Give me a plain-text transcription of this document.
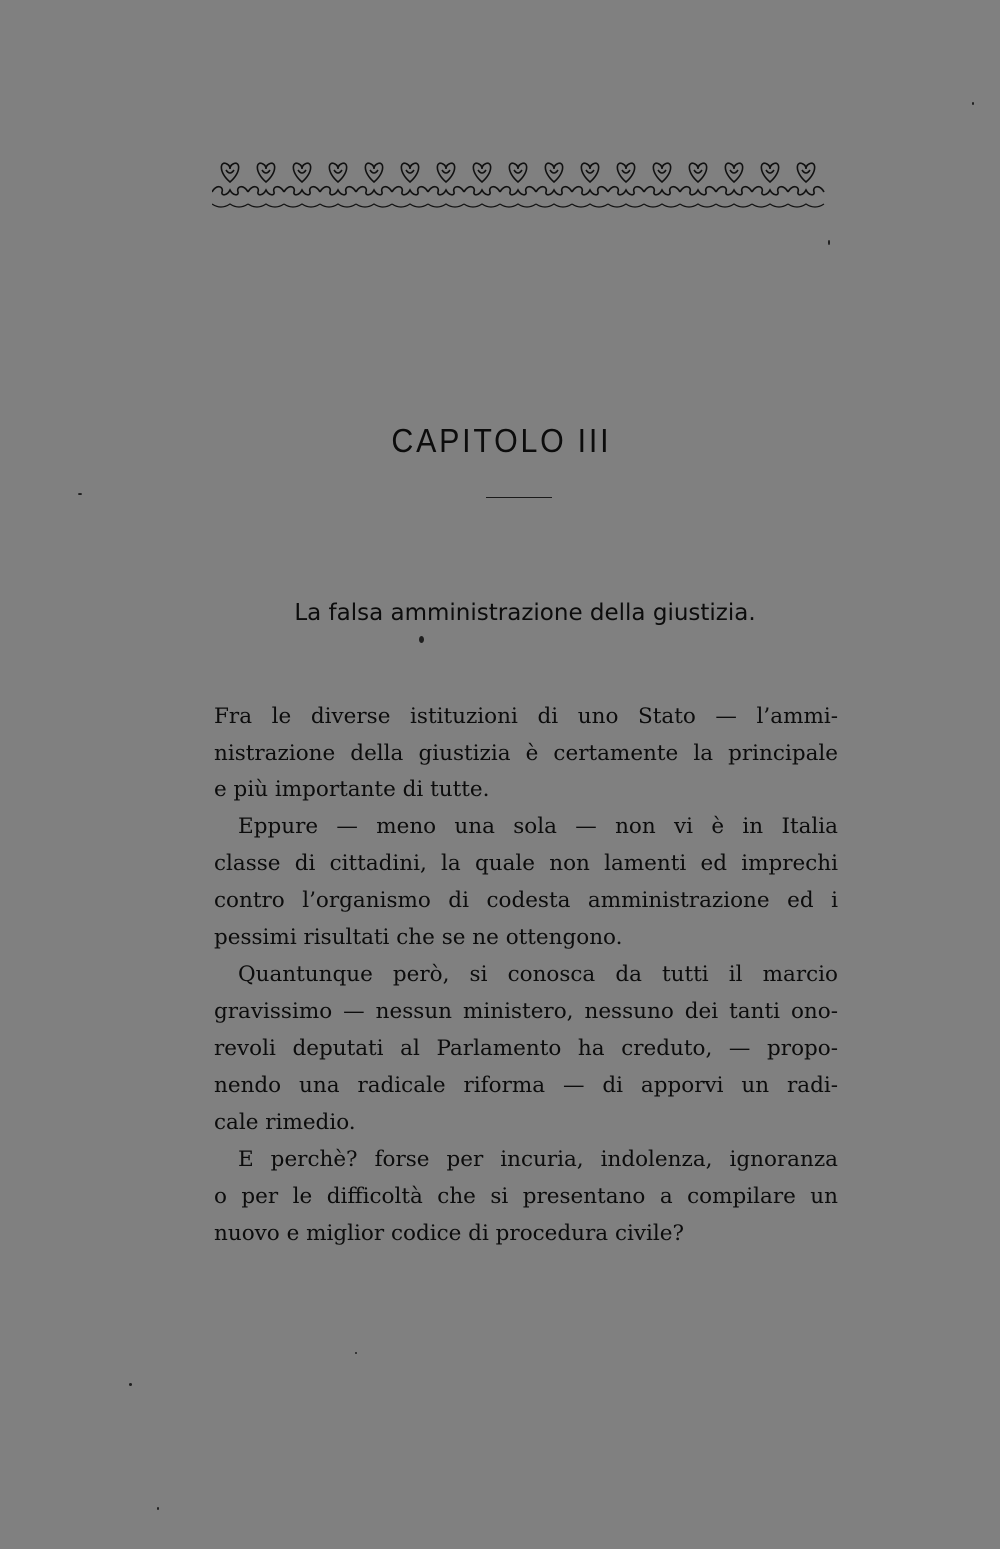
CAPITOLO III
La falsa amministrazione della giustizia.

Fra le diverse istituzioni di uno Stato — l’ammi-

nistrazione della giustizia è certamente la principale

e più importante di tutte.

Eppure — meno una sola — non vi è in Italia

classe di cittadini, la quale non lamenti ed imprechi

contro l’organismo di codesta amministrazione ed i

pessimi risultati che se ne ottengono.

Quantunque però, si conosca da tutti il marcio

gravissimo — nessun ministero, nessuno dei tanti ono-

revoli deputati al Parlamento ha creduto, — propo-

nendo una radicale riforma — di apporvi un radi-

cale rimedio.

E perchè? forse per incuria, indolenza, ignoranza

o per le difficoltà che si presentano a compilare un

nuovo e miglior codice di procedura civile?
